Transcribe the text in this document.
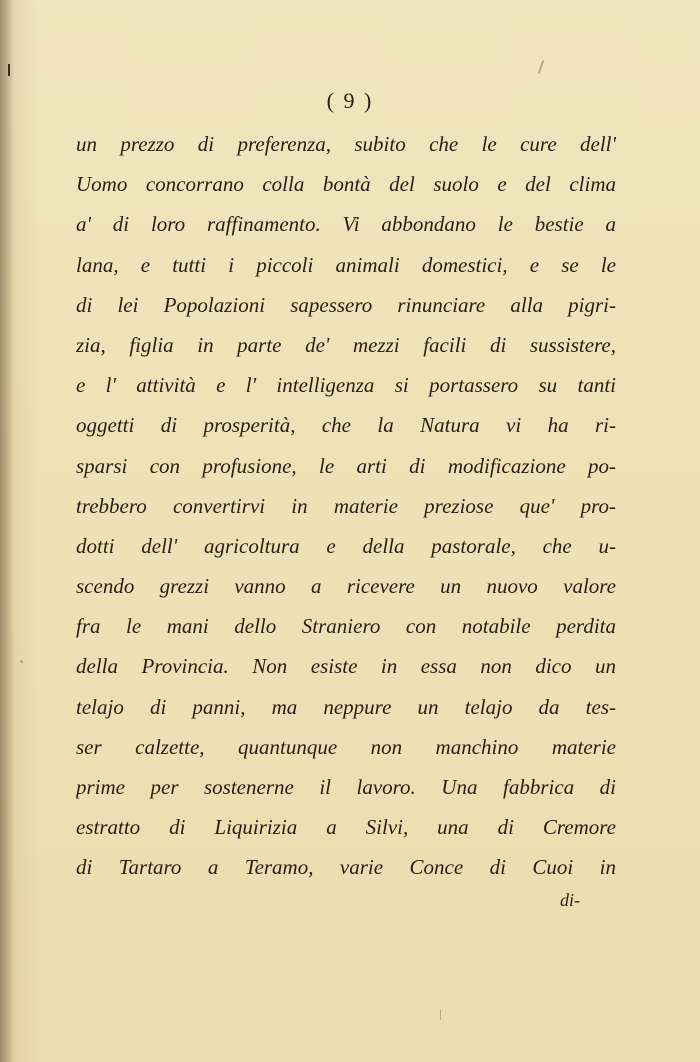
( 9 )
un prezzo di preferenza, subito che le cure dell'
Uomo concorrano colla bontà del suolo e del clima
a' di loro raffinamento. Vi abbondano le bestie a
lana, e tutti i piccoli animali domestici, e se le
di lei Popolazioni sapessero rinunciare alla pigri-
zia, figlia in parte de' mezzi facili di sussistere,
e l' attività e l' intelligenza si portassero su tanti
oggetti di prosperità, che la Natura vi ha ri-
sparsi con profusione, le arti di modificazione po-
trebbero convertirvi in materie preziose que' pro-
dotti dell' agricoltura e della pastorale, che u-
scendo grezzi vanno a ricevere un nuovo valore
fra le mani dello Straniero con notabile perdita
della Provincia. Non esiste in essa non dico un
telajo di panni, ma neppure un telajo da tes-
ser calzette, quantunque non manchino materie
prime per sostenerne il lavoro. Una fabbrica di
estratto di Liquirizia a Silvi, una di Cremore
di Tartaro a Teramo, varie Conce di Cuoi in
di-
